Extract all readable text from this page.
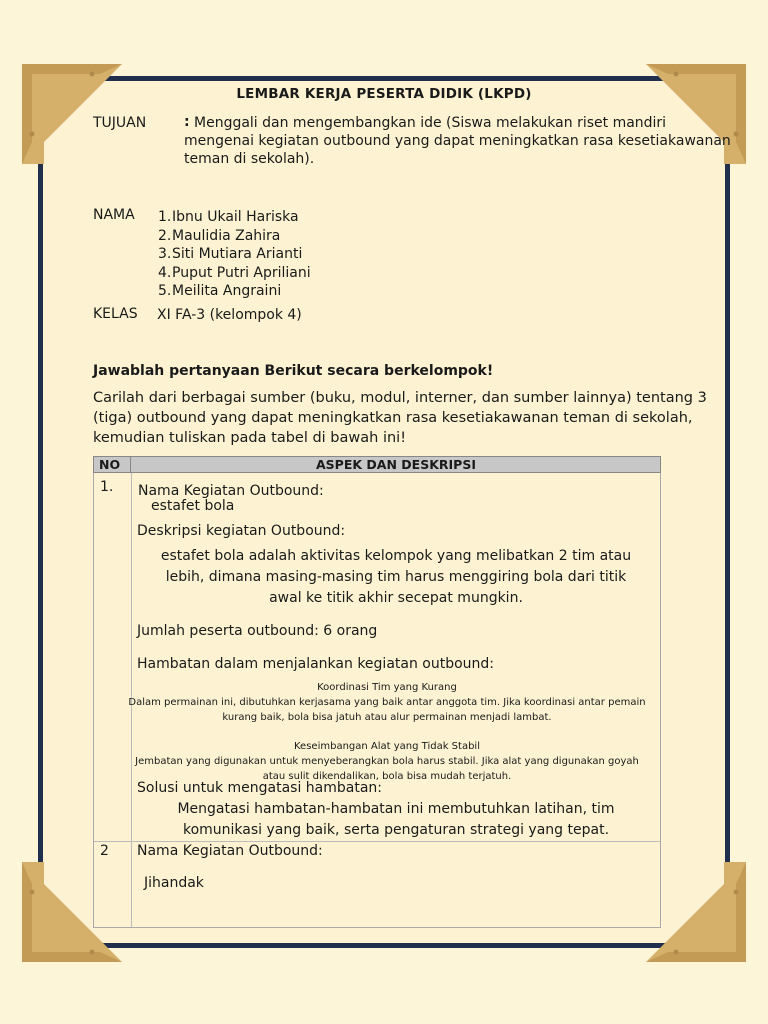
LEMBAR KERJA PESERTA DIDIK (LKPD)
TUJUAN	: Menggali dan mengembangkan ide (Siswa melakukan riset mandiri
mengenai kegiatan outbound yang dapat meningkatkan rasa kesetiakawanan
teman di sekolah).
NAMA 1.Ibnu Ukail Hariska
2.Maulidia Zahira
3.Siti Mutiara Arianti
4.Puput Putri Apriliani
5.Meilita Angraini
KELAS XI FA-3 (kelompok 4)
Jawablah pertanyaan Berikut secara berkelompok!
Carilah dari berbagai sumber (buku, modul, interner, dan sumber lainnya) tentang 3
(tiga) outbound yang dapat meningkatkan rasa kesetiakawanan teman di sekolah,
kemudian tuliskan pada tabel di bawah ini!
NO	ASPEK DAN DESKRIPSI
1. Nama Kegiatan Outbound:
estafet bola
Deskripsi kegiatan Outbound:
estafet bola adalah aktivitas kelompok yang melibatkan 2 tim atau
lebih, dimana masing-masing tim harus menggiring bola dari titik
awal ke titik akhir secepat mungkin.
Jumlah peserta outbound: 6 orang
Hambatan dalam menjalankan kegiatan outbound:
Koordinasi Tim yang Kurang
Dalam permainan ini, dibutuhkan kerjasama yang baik antar anggota tim. Jika koordinasi antar pemain
kurang baik, bola bisa jatuh atau alur permainan menjadi lambat.
Keseimbangan Alat yang Tidak Stabil
Jembatan yang digunakan untuk menyeberangkan bola harus stabil. Jika alat yang digunakan goyah
atau sulit dikendalikan, bola bisa mudah terjatuh.
Solusi untuk mengatasi hambatan:
Mengatasi hambatan-hambatan ini membutuhkan latihan, tim
komunikasi yang baik, serta pengaturan strategi yang tepat.
2 Nama Kegiatan Outbound:
Jihandak
